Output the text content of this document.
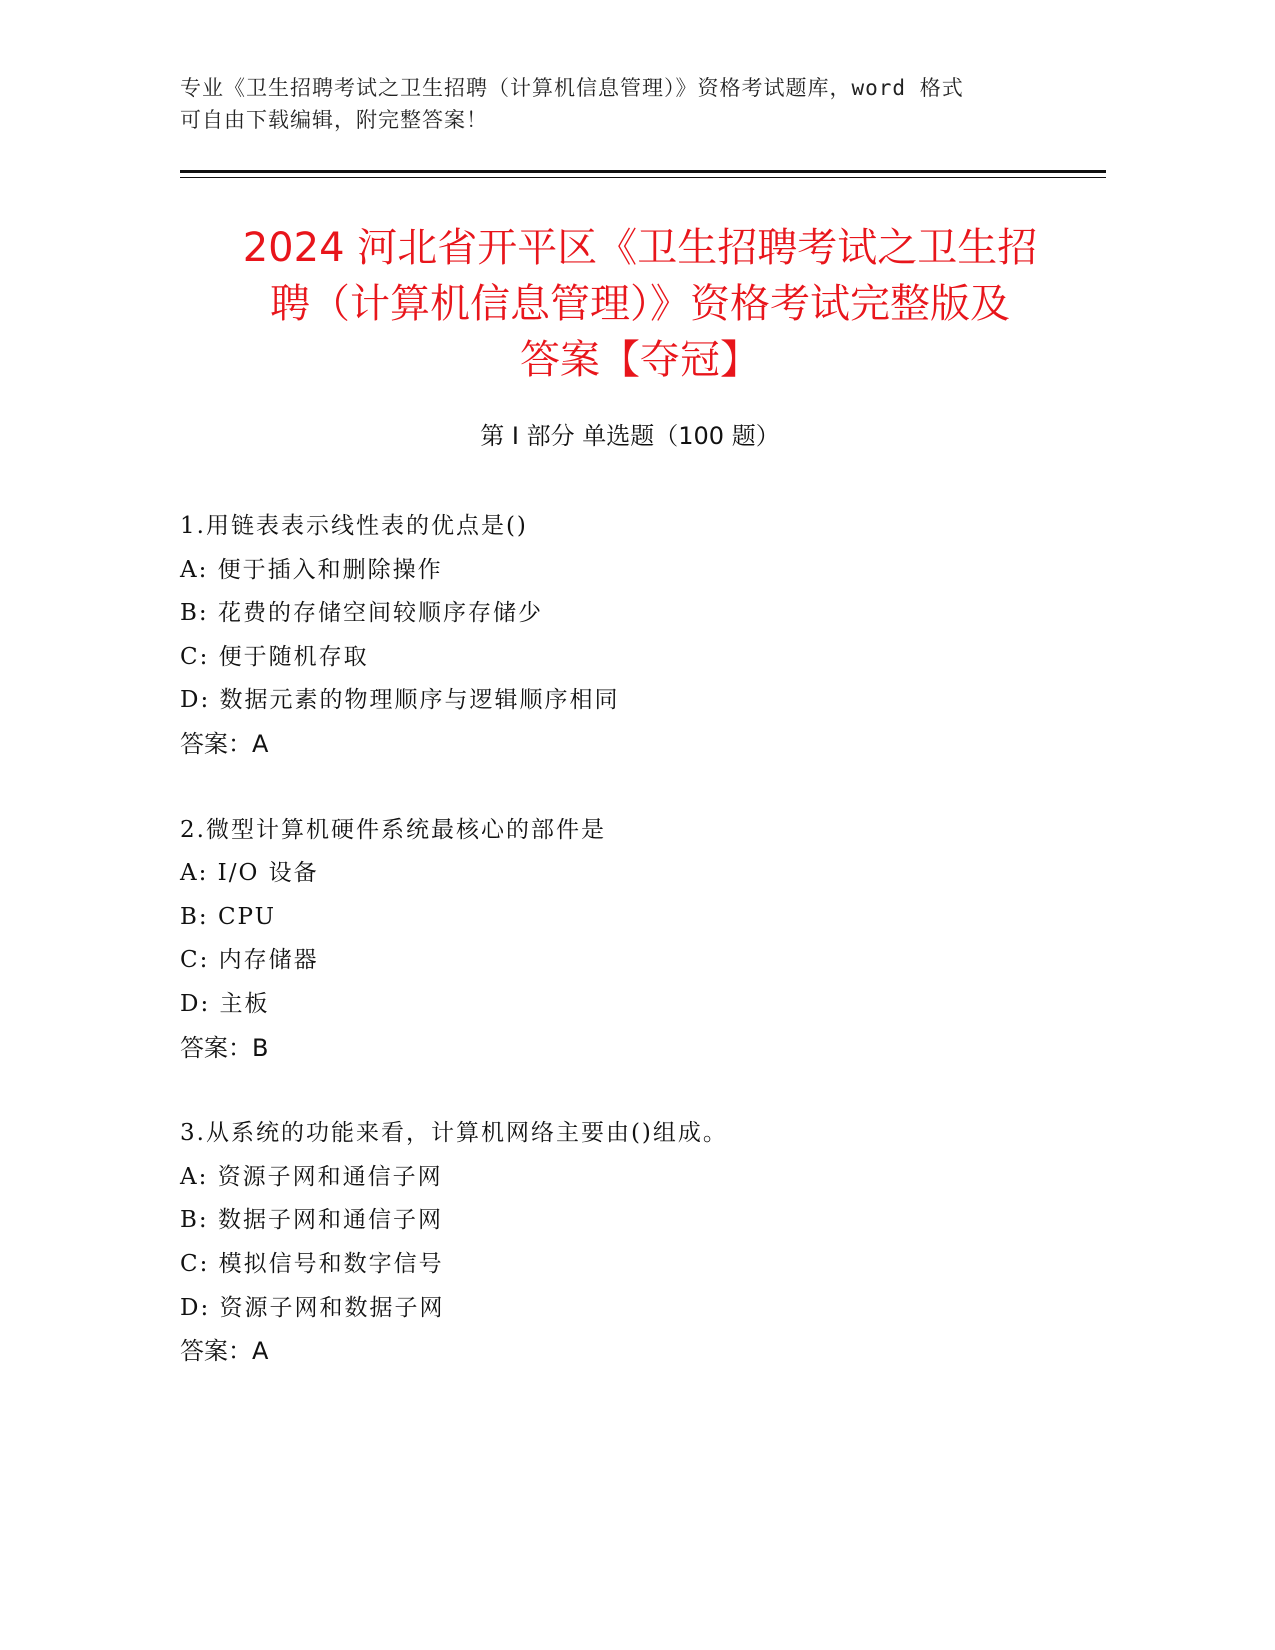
专业《卫生招聘考试之卫生招聘（计算机信息管理）》资格考试题库，word 格式
可自由下载编辑，附完整答案！
2024 河北省开平区《卫生招聘考试之卫生招
聘（计算机信息管理）》资格考试完整版及
答案【夺冠】
第 I 部分 单选题（100 题）
1.用链表表示线性表的优点是()
A: 便于插入和删除操作
B: 花费的存储空间较顺序存储少
C: 便于随机存取
D: 数据元素的物理顺序与逻辑顺序相同
答案：A
2.微型计算机硬件系统最核心的部件是
A: I/O 设备
B: CPU
C: 内存储器
D: 主板
答案：B
3.从系统的功能来看，计算机网络主要由()组成。
A: 资源子网和通信子网
B: 数据子网和通信子网
C: 模拟信号和数字信号
D: 资源子网和数据子网
答案：A
